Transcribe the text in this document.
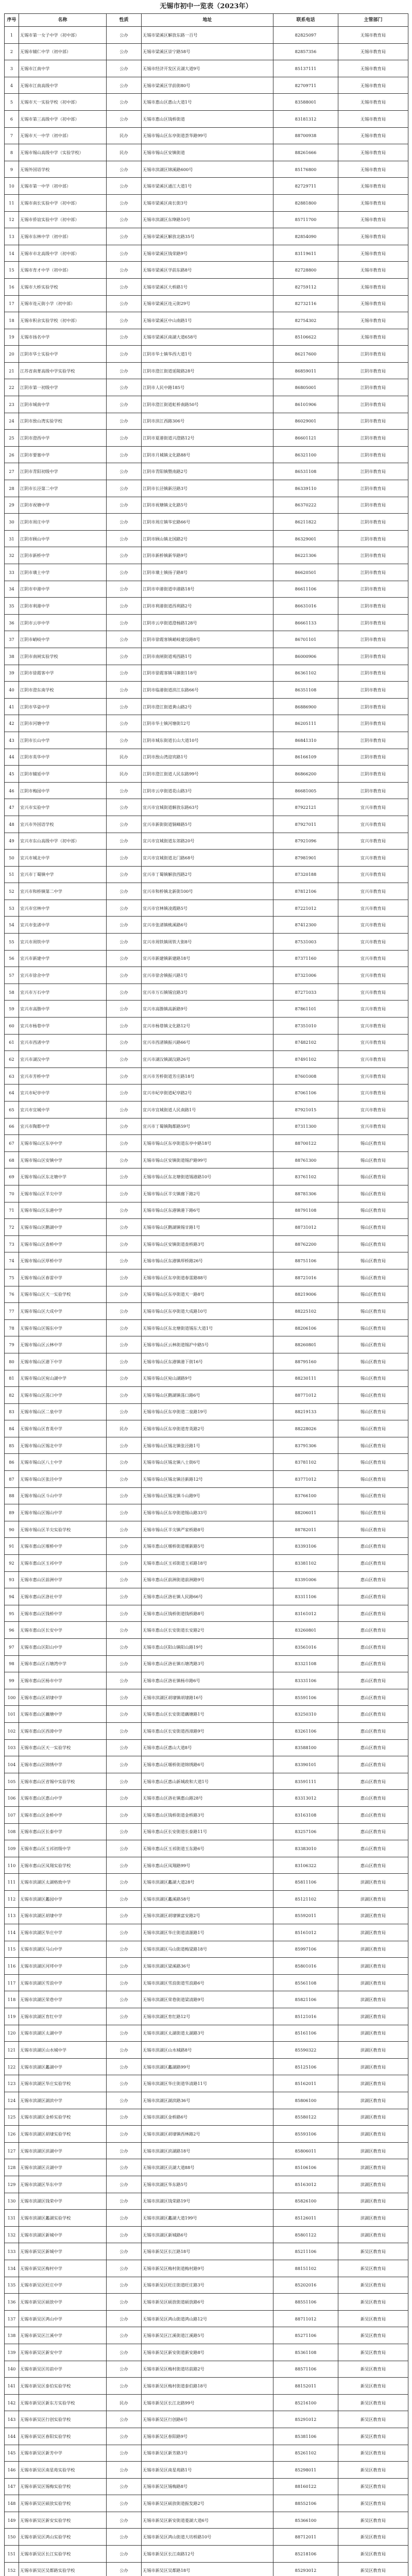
无锡市初中一览表（2023年）
序号	名称	性质	地址	联系电话	主管部门
1	无锡市第一女子中学（初中部）	公办	无锡市梁溪区解放东路一百号	82825097	无锡市教育局
2	无锡市辅仁中学（初中部）	公办	无锡市梁溪区崇宁路58号	82857356	无锡市教育局
3	无锡市江南中学	公办	无锡市经济开发区贡湖大道9号	85137111	无锡市教育局
4	无锡市江南高级中学	公办	无锡市梁溪区学前街80号	82709711	无锡市教育局
5	无锡市天一实验学校（初中部）	公办	无锡市惠山区惠山大道1号	83588001	无锡市教育局
6	无锡市第三高级中学（初中部）	公办	无锡市惠山区钱桥街道	83181312	无锡市教育局
7	无锡市天一中学（初中部）	民办	无锡市锡山区东亭街道荟华路99号	88700938	无锡市教育局
8	无锡市锡山高级中学（实验学校）	民办	无锡市锡山区安镇街道	88261666	无锡市教育局
9	无锡外国语学校	公办	无锡市滨湖区锦溪路600号	85176800	无锡市教育局
10	无锡市第一中学（初中部）	公办	无锡市梁溪区通江大道1号	82729711	无锡市教育局
11	无锡市南长实验中学（初中部）	公办	无锡市梁溪区南长街3号	82881800	无锡市教育局
12	无锡市侨谊实验中学（初中部）	公办	无锡市滨湖区东绛路10号	85711700	无锡市教育局
13	无锡市东林中学（初中部）	公办	无锡市梁溪区解放北路35号	82854090	无锡市教育局
14	无锡市市北高级中学（初中部）	公办	无锡市梁溪区钱荣路9号	83119611	无锡市教育局
15	无锡市育才中学（初中部）	公办	无锡市梁溪区学前东路8号	82728800	无锡市教育局
16	无锡市大桥实验学校	公办	无锡市梁溪区大桥路1号	82759112	无锡市教育局
17	无锡市连元街小学（初中部）	公办	无锡市梁溪区连元街29号	82732116	无锡市教育局
18	无锡市积余实验学校（初中部）	公办	无锡市梁溪区中山南路1号	82754302	无锡市教育局
19	无锡市扬名中学	公办	无锡市梁溪区南湖大道658号	85106622	无锡市教育局
20	江阴市华士实验中学	公办	江阴市华士镇华西大道1号	86217600	江阴市教育局
21	江苏省南菁高级中学实验学校	公办	江阴市澄江街道延陵路28号	86859011	江阴市教育局
22	江阴市第一初级中学	公办	江阴市人民中路185号	86805001	江阴市教育局
23	江阴市城南中学	公办	江阴市澄江街道虹桥南路50号	86101906	江阴市教育局
24	江阴市敔山湾实验学校	公办	江阴市滨江西路306号	86029001	江阴市教育局
25	江阴市澄西中学	公办	江阴市夏港街道兴澄路12号	86601121	江阴市教育局
26	江阴市要塞中学	公办	江阴市月城镇文化路88号	86321100	江阴市教育局
27	江阴市青阳初级中学	公办	江阴市青阳镇暨南路2号	86531108	江阴市教育局
28	江阴市长泾第二中学	公办	江阴市长泾镇新泾路3号	86339110	江阴市教育局
29	江阴市祝塘中学	公办	江阴市祝塘镇文化路5号	86370222	江阴市教育局
30	江阴市周庄中学	公办	江阴市周庄镇华宏路66号	86211822	江阴市教育局
31	江阴市顾山中学	公办	江阴市顾山镇北国路2号	86329001	江阴市教育局
32	江阴市新桥中学	公办	江阴市新桥镇新华路9号	86221306	江阴市教育局
33	江阴市璜土中学	公办	江阴市璜土镇扬子路8号	86620501	江阴市教育局
34	江阴市申港中学	公办	江阴市申港街道申港路18号	86611106	江阴市教育局
35	江阴市利港中学	公办	江阴市利港街道西利路2号	86631016	江阴市教育局
36	江阴市云亭中学	公办	江阴市云亭街道澄杨路128号	86661133	江阴市教育局
37	江阴市峭岐中学	公办	江阴市徐霞客镇峭岐建设路8号	86701101	江阴市教育局
38	江阴市南闸实验学校	公办	江阴市南闸街道观西路1号	86000906	江阴市教育局
39	江阴市徐霞客中学	公办	江阴市徐霞客镇马镇街118号	86361102	江阴市教育局
40	江阴市澄东南学校	公办	江阴市临港街道滨江东路66号	86351108	江阴市教育局
41	江阴市华姿中学	公办	江阴市澄江街道黄山路2号	86886900	江阴市教育局
42	江阴市河塘中学	公办	江阴市华士镇河塘街12号	86205111	江阴市教育局
43	江阴市长山中学	公办	江阴市城东街道长山大道10号	86841310	江阴市教育局
44	江阴市英华中学	民办	江阴市敔山湾迎宾路1号	86166109	江阴市教育局
45	江阴市辅延中学	民办	江阴市澄江街道人民东路99号	86866200	江阴市教育局
46	江阴市梅园中学	公办	江阴市云亭街道花山路3号	86681005	江阴市教育局
47	宜兴市实验中学	公办	宜兴市宜城街道解放东路63号	87922121	宜兴市教育局
48	宜兴市外国语学校	公办	宜兴市新街街道铜峰路5号	87927011	宜兴市教育局
49	宜兴市东山高级中学（初中部）	公办	宜兴市宜城街道东郊路20号	87921096	宜兴市教育局
50	宜兴市城北中学	公办	宜兴市宜城街道北门路68号	87981901	宜兴市教育局
51	宜兴市丁蜀镇中学	公办	宜兴市丁蜀镇解放西路2号	87320188	宜兴市教育局
52	宜兴市和桥镇第二中学	公办	宜兴市和桥镇北新街100号	87812106	宜兴市教育局
53	宜兴市官林中学	公办	宜兴市官林镇凌霞路5号	87221012	宜兴市教育局
54	宜兴市张渚中学	公办	宜兴市张渚镇桃溪路6号	87412300	宜兴市教育局
55	宜兴市周铁中学	公办	宜兴市周铁镇周铁大街8号	87531003	宜兴市教育局
56	宜兴市新建中学	公办	宜兴市新建镇新建路18号	87371160	宜兴市教育局
57	宜兴市徐舍中学	公办	宜兴市徐舍镇振兴路1号	87321006	宜兴市教育局
58	宜兴市万石中学	公办	宜兴市万石镇锡宜路3号	87271033	宜兴市教育局
59	宜兴市高塍中学	公办	宜兴市高塍镇高新路9号	87861101	宜兴市教育局
60	宜兴市杨巷中学	公办	宜兴市杨巷镇文化路12号	87351010	宜兴市教育局
61	宜兴市西渚中学	公办	宜兴市西渚镇振兴路66号	87482102	宜兴市教育局
62	宜兴市湖㳇中学	公办	宜兴市湖㳇镇湖㳇路26号	87491102	宜兴市教育局
63	宜兴市芳桥中学	公办	宜兴市芳桥街道芳庄路18号	87601008	宜兴市教育局
64	宜兴市屺亭中学	公办	宜兴市屺亭街道屺亭路2号	87061106	宜兴市教育局
65	宜兴市宜城中学	公办	宜兴市宜城街道人民南路1号	87921015	宜兴市教育局
66	宜兴市陶都中学	公办	宜兴市丁蜀镇陶都路59号	87311300	宜兴市教育局
67	无锡市锡山区东亭中学	公办	无锡市锡山区东亭街道东亭中路18号	88700122	锡山区教育局
68	无锡市锡山区安镇中学	公办	无锡市锡山区安镇街道锡沪路99号	88761300	锡山区教育局
69	无锡市锡山区东北塘中学	公办	无锡市锡山区东北塘街道锡港路10号	83761102	锡山区教育局
70	无锡市锡山区羊尖中学	公办	无锡市锡山区羊尖镇廊下路2号	88781306	锡山区教育局
71	无锡市锡山区东港中学	公办	无锡市锡山区东港镇港下路6号	88791108	锡山区教育局
72	无锡市锡山区鹅湖中学	公办	无锡市锡山区鹅湖镇锡甘路1号	88731012	锡山区教育局
73	无锡市锡山区查桥中学	公办	无锡市锡山区安镇街道查桥路3号	88762200	锡山区教育局
74	无锡市锡山区厚桥中学	公办	无锡市锡山区东港镇厚桥路26号	88751106	锡山区教育局
75	无锡市锡山区春雷中学	公办	无锡市锡山区东亭街道春雷路88号	88721016	锡山区教育局
76	无锡市锡山区天一实验学校	公办	无锡市锡山区东亭街道天一路8号	88219006	锡山区教育局
77	无锡市锡山区大成中学	公办	无锡市锡山区东亭街道大成路10号	88225102	锡山区教育局
78	无锡市锡山区锡东中学	公办	无锡市锡山区东北塘街道锡东大道1号	88206106	锡山区教育局
79	无锡市锡山区云林中学	公办	无锡市锡山区云林街道锡沪中路5号	88260801	锡山区教育局
80	无锡市锡山区港下中学	公办	无锡市锡山区东港镇港下街16号	88795160	锡山区教育局
81	无锡市锡山区宛山湖中学	公办	无锡市锡山区宛山湖路9号	88230111	锡山区教育局
82	无锡市锡山区荡口中学	公办	无锡市锡山区鹅湖镇荡口路6号	88771012	锡山区教育局
83	无锡市锡山区二泉中学	公办	无锡市锡山区东亭街道二泉路19号	88219133	锡山区教育局
84	无锡市锡山区育英中学	民办	无锡市锡山区东亭街道育英路2号	88228026	锡山区教育局
85	无锡市锡山区锡北中学	公办	无锡市锡山区锡北镇张泾路1号	83791306	锡山区教育局
86	无锡市锡山区八士中学	公办	无锡市锡山区锡北镇八士街6号	83781102	锡山区教育局
87	无锡市锡山区张泾中学	公办	无锡市锡山区锡北镇泾新路12号	83771012	锡山区教育局
88	无锡市锡山区斗山中学	公办	无锡市锡山区锡北镇斗山路9号	83766100	锡山区教育局
89	无锡市锡山区锡山中学	公办	无锡市锡山区东亭街道锡山路33号	88206011	锡山区教育局
90	无锡市锡山区羊尖实验学校	公办	无锡市锡山区羊尖镇严家桥路8号	88782011	锡山区教育局
91	无锡市惠山区堰桥中学	公办	无锡市惠山区堰桥街道堰新路5号	83393106	惠山区教育局
92	无锡市惠山区玉祁中学	公办	无锡市惠山区玉祁街道玉祁路18号	83381102	惠山区教育局
93	无锡市惠山区前洲中学	公办	无锡市惠山区前洲街道前洲路9号	83391006	惠山区教育局
94	无锡市惠山区洛社中学	公办	无锡市惠山区洛社镇人民路66号	83311106	惠山区教育局
95	无锡市惠山区钱桥中学	公办	无锡市惠山区钱桥街道钱桥路8号	83161012	惠山区教育局
96	无锡市惠山区长安中学	公办	无锡市惠山区长安街道长安路2号	83260801	惠山区教育局
97	无锡市惠山区阳山中学	公办	无锡市惠山区阳山镇阳山路19号	83561016	惠山区教育局
98	无锡市惠山区石塘湾中学	公办	无锡市惠山区洛社镇石塘湾路3号	83321108	惠山区教育局
99	无锡市惠山区杨市中学	公办	无锡市惠山区洛社镇杨市路6号	83331106	惠山区教育局
100	无锡市惠山区胡埭中学	公办	无锡市滨湖区胡埭镇胡埭路16号	85591106	惠山区教育局
101	无锡市惠山区藕塘中学	公办	无锡市惠山区长安街道藕塘路1号	83250310	惠山区教育局
102	无锡市惠山区西漳中学	公办	无锡市惠山区长安街道西漳路9号	83261106	惠山区教育局
103	无锡市惠山区天一实验学校	公办	无锡市惠山区惠山大道8号	83588100	惠山区教育局
104	无锡市惠山区锦绣中学	公办	无锡市惠山区堰桥街道锦绣路6号	83390101	惠山区教育局
105	无锡市惠山区省锡中实验学校	公办	无锡市惠山区惠山新城政和大道1号	83591111	惠山区教育局
106	无锡市惠山区惠山中学	公办	无锡市惠山区洛社镇惠山路28号	83313012	惠山区教育局
107	无锡市惠山区金桥中学	公办	无锡市惠山区钱桥街道金桥路3号	83163108	惠山区教育局
108	无锡市惠山区长泰中学	公办	无锡市惠山区长安街道长泰路11号	83257106	惠山区教育局
109	无锡市惠山区玉祁初级中学	公办	无锡市惠山区玉祁街道玉东路6号	83383010	惠山区教育局
110	无锡市惠山区凤翔实验学校	公办	无锡市惠山区凤翔路99号	83106322	惠山区教育局
111	无锡市滨湖区太湖格致中学	公办	无锡市滨湖区蠡湖大道28号	85811106	滨湖区教育局
112	无锡市滨湖区蠡园中学	公办	无锡市滨湖区蠡溪路58号	85121102	滨湖区教育局
113	无锡市滨湖区胡埭中学	公办	无锡市滨湖区胡埭镇富安路2号	85592011	滨湖区教育局
114	无锡市滨湖区华庄中学	公办	无锡市滨湖区华庄街道清源路1号	85161012	滨湖区教育局
115	无锡市滨湖区马山中学	公办	无锡市滨湖区马山街道梅梁路18号	85997106	滨湖区教育局
116	无锡市滨湖区河埒中学	公办	无锡市滨湖区梁溪路36号	85801016	滨湖区教育局
117	无锡市滨湖区雪浪中学	公办	无锡市滨湖区雪浪街道雪浪路6号	85561108	滨湖区教育局
118	无锡市滨湖区荣巷中学	公办	无锡市滨湖区荣巷街道梁清路9号	85821106	滨湖区教育局
119	无锡市滨湖区育红中学	公办	无锡市滨湖区育红路12号	85121016	滨湖区教育局
120	无锡市滨湖区太湖中学	公办	无锡市滨湖区太湖街道太湖路3号	85161106	滨湖区教育局
121	无锡市滨湖区山水城中学	公办	无锡市滨湖区山水城路8号	85590322	滨湖区教育局
122	无锡市滨湖区蠡湖中学	公办	无锡市滨湖区蠡湖路99号	85125106	滨湖区教育局
123	无锡市滨湖区华庄实验学校	公办	无锡市滨湖区华庄街道华清路11号	85162011	滨湖区教育局
124	无锡市滨湖区湖滨中学	公办	无锡市滨湖区湖滨路36号	85806100	滨湖区教育局
125	无锡市滨湖区金桥实验学校	公办	无锡市滨湖区金桥路6号	85580122	滨湖区教育局
126	无锡市滨湖区胡埭实验学校	公办	无锡市滨湖区胡埭镇西林路2号	85593106	滨湖区教育局
127	无锡市滨湖区滨湖中学	公办	无锡市滨湖区滨湖路18号	85806011	滨湖区教育局
128	无锡市滨湖区贡湖中学	公办	无锡市滨湖区贡湖大道88号	85106106	滨湖区教育局
129	无锡市滨湖区华东中学	公办	无锡市滨湖区华东路5号	85163012	滨湖区教育局
130	无锡市滨湖区钱荣中学	公办	无锡市滨湖区钱荣路19号	85826100	滨湖区教育局
131	无锡市滨湖区蠡湖实验学校	公办	无锡市滨湖区蠡湖大道199号	85126011	滨湖区教育局
132	无锡市滨湖区新城中学	公办	无锡市滨湖区新城路6号	85801122	滨湖区教育局
133	无锡市新吴区新城中学	公办	无锡市新吴区长江路18号	85211106	新吴区教育局
134	无锡市新吴区梅村中学	公办	无锡市新吴区梅村街道梅村路9号	88151102	新吴区教育局
135	无锡市新吴区旺庄中学	公办	无锡市新吴区旺庄街道旺庄路3号	85202016	新吴区教育局
136	无锡市新吴区硕放中学	公办	无锡市新吴区硕放街道硕放路6号	88551106	新吴区教育局
137	无锡市新吴区鸿山中学	公办	无锡市新吴区鸿山街道鸿山路12号	88711012	新吴区教育局
138	无锡市新吴区江溪中学	公办	无锡市新吴区江溪街道江溪路5号	85271106	新吴区教育局
139	无锡市新吴区新安中学	公办	无锡市新吴区新安街道新安路8号	85361108	新吴区教育局
140	无锡市新吴区坊前中学	公办	无锡市新吴区梅村街道坊前路2号	88571106	新吴区教育局
141	无锡市新吴区泰伯实验学校	公办	无锡市新吴区梅村街道泰伯路18号	88152011	新吴区教育局
142	无锡市新吴区新东方实验学校	民办	无锡市新吴区长江北路99号	85216100	新吴区教育局
143	无锡市新吴区行创实验学校	公办	无锡市新吴区行创路6号	85291012	新吴区教育局
144	无锡市新吴区春阳实验学校	公办	无锡市新吴区春阳路9号	85381106	新吴区教育局
145	无锡市新吴区新芳中学	公办	无锡市新吴区新芳路3号	85261102	新吴区教育局
146	无锡市新吴区南星苑实验学校	公办	无锡市新吴区南星苑路1号	85298011	新吴区教育局
147	无锡市新吴区锡梅实验学校	公办	无锡市新吴区锡梅路8号	88160122	新吴区教育局
148	无锡市新吴区硕放实验学校	公办	无锡市新吴区硕放街道振发路2号	88552106	新吴区教育局
149	无锡市新吴区新安实验学校	公办	无锡市新吴区新安街道菱湖大道6号	85366100	新吴区教育局
150	无锡市新吴区鸿山实验学校	公办	无锡市新吴区鸿山街道大坊桥路10号	88712011	新吴区教育局
151	无锡市新吴区长江实验学校	公办	无锡市新吴区长江南路12号	85218106	新吴区教育局
152	无锡市新吴区吴都路实验学校	公办	无锡市新吴区吴都路18号	85293012	新吴区教育局
